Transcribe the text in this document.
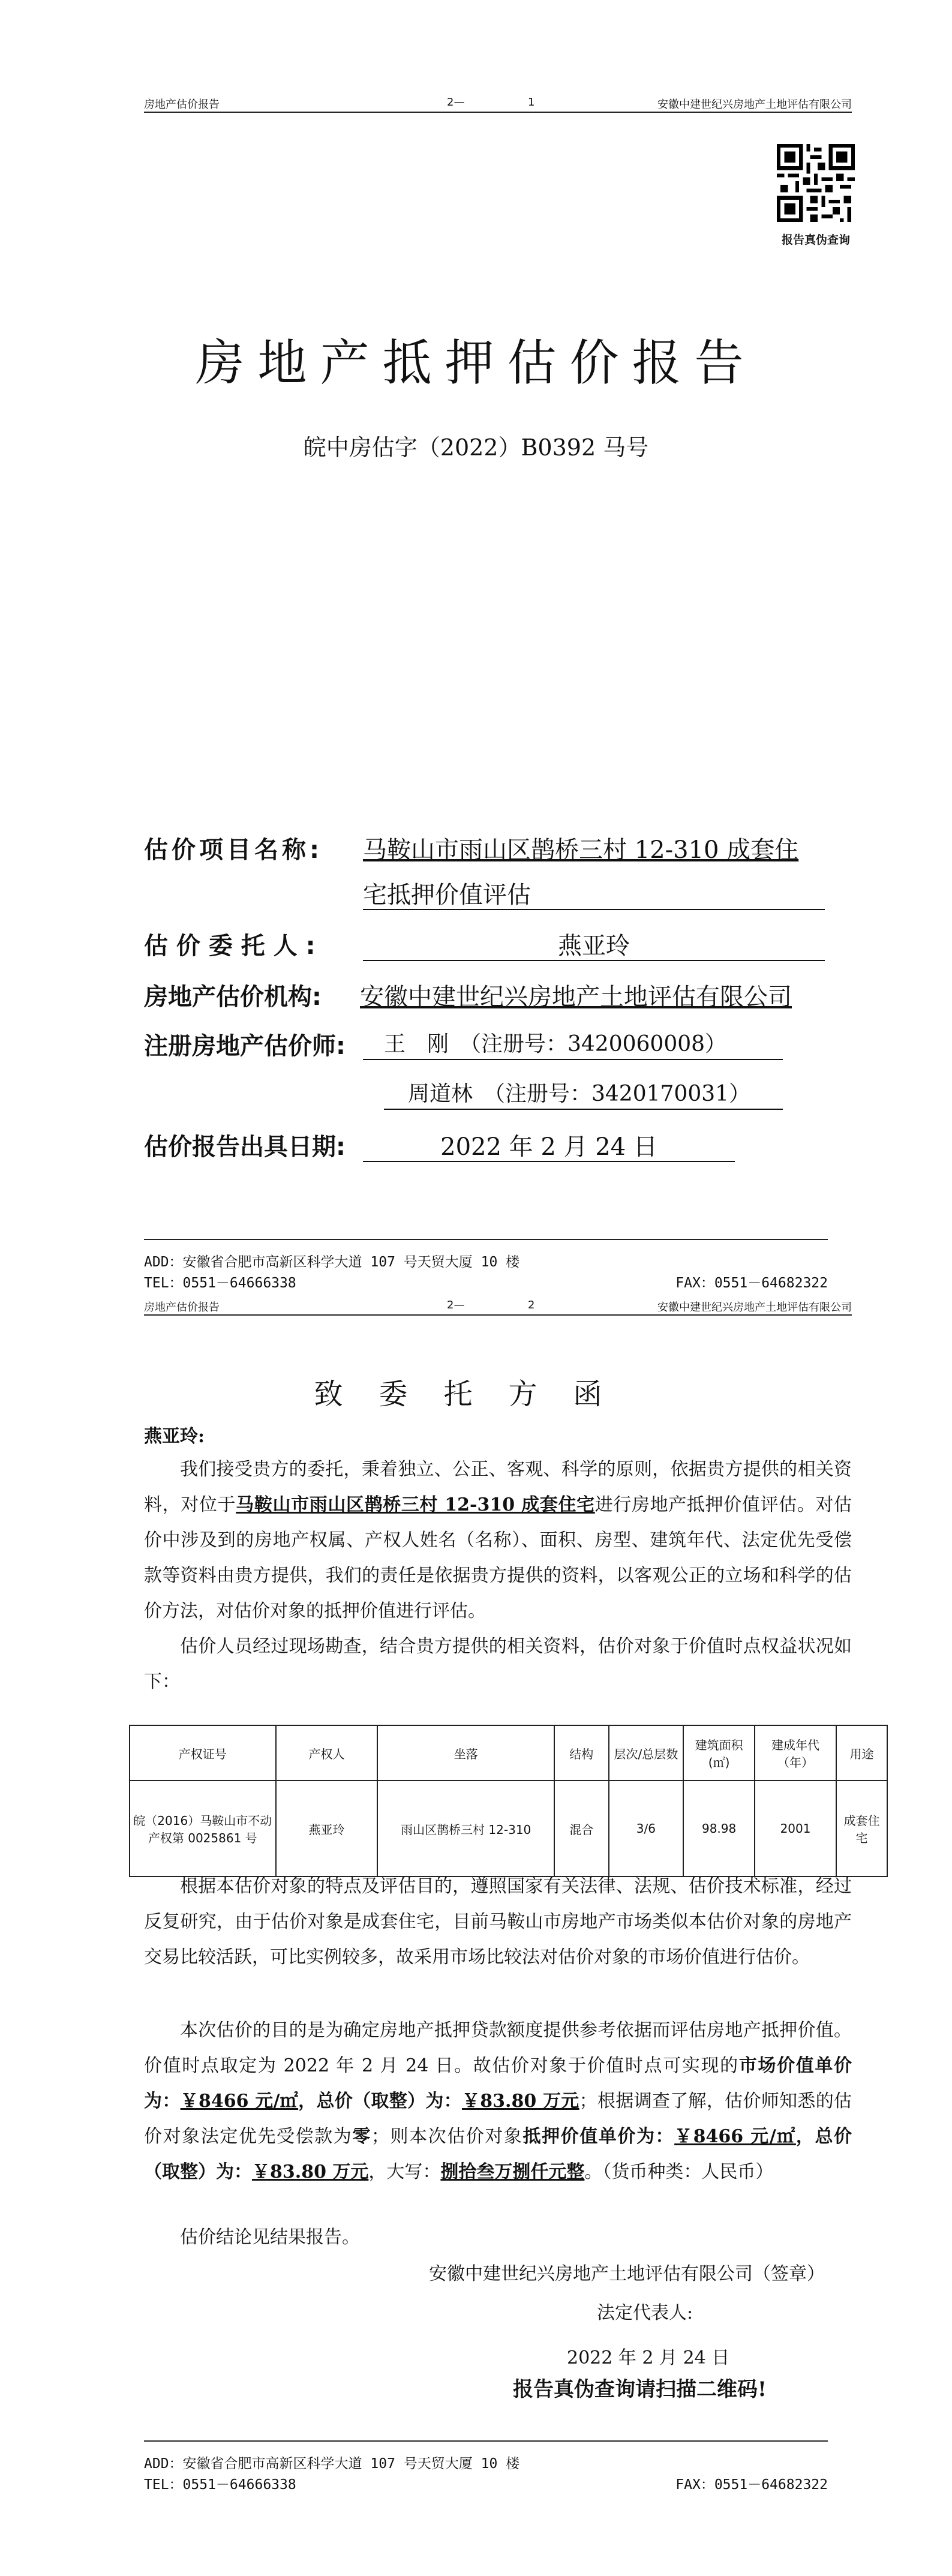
房地产估价报告	2—	1	安徽中建世纪兴房地产土地评估有限公司
报告真伪查询
房地产抵押估价报告
皖中房估字（2022）B0392 马号
估价项目名称: 马鞍山市雨山区鹊桥三村 12-310 成套住
宅抵押价值评估
估 价 委 托 人 :	燕亚玲
房地产估价机构: 安徽中建世纪兴房地产土地评估有限公司
注册房地产估价师: 王　刚　（注册号：3420060008）
周道林　（注册号：3420170031）
估价报告出具日期:	2022 年 2 月 24 日
ADD：安徽省合肥市高新区科学大道 107 号天贸大厦 10 楼
TEL：0551－64666338	FAX：0551－64682322
房地产估价报告	2—	2	安徽中建世纪兴房地产土地评估有限公司
致委托方函
燕亚玲:
我们接受贵方的委托，秉着独立、公正、客观、科学的原则，依据贵方提供的相关资料，对位于马鞍山市雨山区鹊桥三村 12-310 成套住宅进行房地产抵押价值评估。对估价中涉及到的房地产权属、产权人姓名（名称）、面积、房型、建筑年代、法定优先受偿款等资料由贵方提供，我们的责任是依据贵方提供的资料，以客观公正的立场和科学的估价方法，对估价对象的抵押价值进行评估。
估价人员经过现场勘查，结合贵方提供的相关资料，估价对象于价值时点权益状况如下：
产权证号	产权人	坐落	结构	层次/总层数	建筑面积(㎡)	建成年代（年）	用途
皖（2016）马鞍山市不动产权第 0025861 号	燕亚玲	雨山区鹊桥三村 12-310	混合	3/6	98.98	2001	成套住宅
根据本估价对象的特点及评估目的，遵照国家有关法律、法规、估价技术标准，经过反复研究，由于估价对象是成套住宅，目前马鞍山市房地产市场类似本估价对象的房地产交易比较活跃，可比实例较多，故采用市场比较法对估价对象的市场价值进行估价。
本次估价的目的是为确定房地产抵押贷款额度提供参考依据而评估房地产抵押价值。价值时点取定为 2022 年 2 月 24 日。故估价对象于价值时点可实现的市场价值单价为：￥8466 元/㎡，总价（取整）为：￥83.80 万元；根据调查了解，估价师知悉的估价对象法定优先受偿款为零；则本次估价对象抵押价值单价为：￥8466 元/㎡，总价（取整）为：￥83.80 万元，大写：捌拾叁万捌仟元整。（货币种类：人民币）
估价结论见结果报告。
安徽中建世纪兴房地产土地评估有限公司（签章）
法定代表人:
2022 年 2 月 24 日
报告真伪查询请扫描二维码!
ADD：安徽省合肥市高新区科学大道 107 号天贸大厦 10 楼
TEL：0551－64666338	FAX：0551－64682322
